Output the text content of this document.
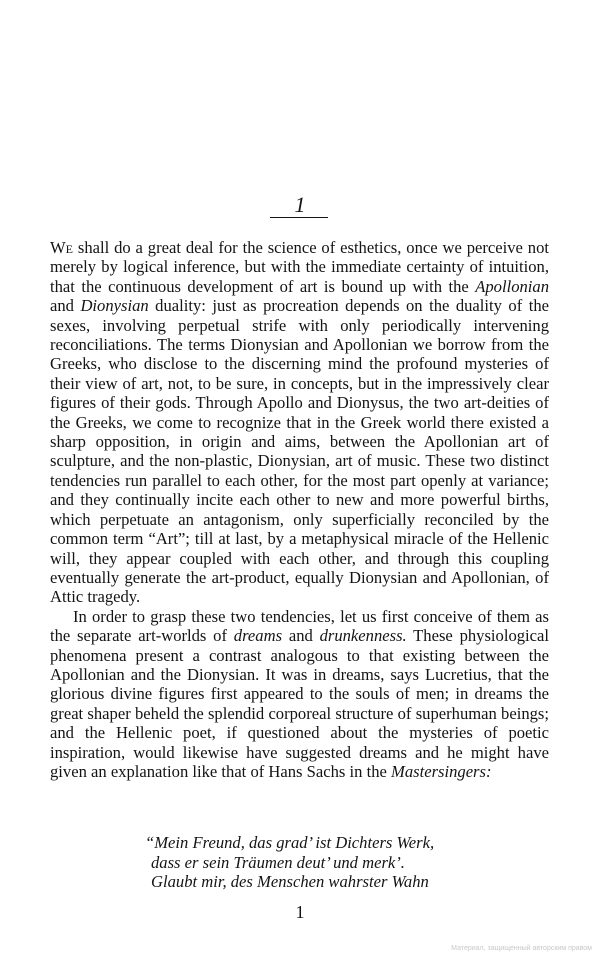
1

We shall do a great deal for the science of esthetics, once we perceive not merely by logical inference, but with the immediate certainty of intuition, that the continuous development of art is bound up with the Apollonian and Dionysian duality: just as procreation depends on the duality of the sexes, involving perpetual strife with only periodically intervening reconciliations. The terms Dionysian and Apollonian we borrow from the Greeks, who disclose to the discerning mind the profound mysteries of their view of art, not, to be sure, in concepts, but in the impressively clear figures of their gods. Through Apollo and Dionysus, the two art-deities of the Greeks, we come to recognize that in the Greek world there existed a sharp opposition, in origin and aims, between the Apollonian art of sculpture, and the non-plastic, Dionysian, art of music. These two distinct tendencies run parallel to each other, for the most part openly at variance; and they continually incite each other to new and more powerful births, which perpetuate an antagonism, only superficially reconciled by the common term “Art”; till at last, by a metaphysical miracle of the Hellenic will, they appear coupled with each other, and through this coupling eventually generate the art-product, equally Dionysian and Apollonian, of Attic tragedy.

In order to grasp these two tendencies, let us first conceive of them as the separate art-worlds of dreams and drunkenness. These physiological phenomena present a contrast analogous to that existing between the Apollonian and the Dionysian. It was in dreams, says Lucretius, that the glorious divine figures first appeared to the souls of men; in dreams the great shaper beheld the splendid corporeal structure of superhuman beings; and the Hellenic poet, if questioned about the mysteries of poetic inspiration, would likewise have suggested dreams and he might have given an explanation like that of Hans Sachs in the Mastersingers:

“Mein Freund, das grad’ ist Dichters Werk,
dass er sein Träumen deut’ und merk’.
Glaubt mir, des Menschen wahrster Wahn
1
Материал, защищенный авторским правом
